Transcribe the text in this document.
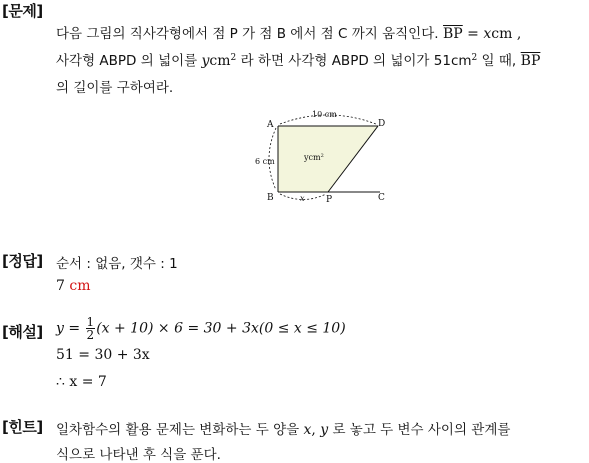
[문제]
다음 그림의 직사각형에서 점 P 가 점 B 에서 점 C 까지 움직인다. $\overline{BP}$ = xcm ,
사각형 ABPD 의 넓이를 ycm$^2$ 라 하면 사각형 ABPD 의 넓이가 $51cm^2$ 일 때, $\overline{BP}$
의 길이를 구하여라.
A	D
B	P	C
10 cm
6 cm	ycm$^2$
x
[정답] 순서 : 없음, 갯수 : 1
7 cm
[해설] $y = \frac{1}{2} (x + 10) \times 6 = 30 + 3x(0 \le x \le 10)$
51 = 30 + 3x
∴ x = 7
[힌트] 일차함수의 활용 문제는 변화하는 두 양을 x, y 로 놓고 두 변수 사이의 관계를
식으로 나타낸 후 식을 푼다.
